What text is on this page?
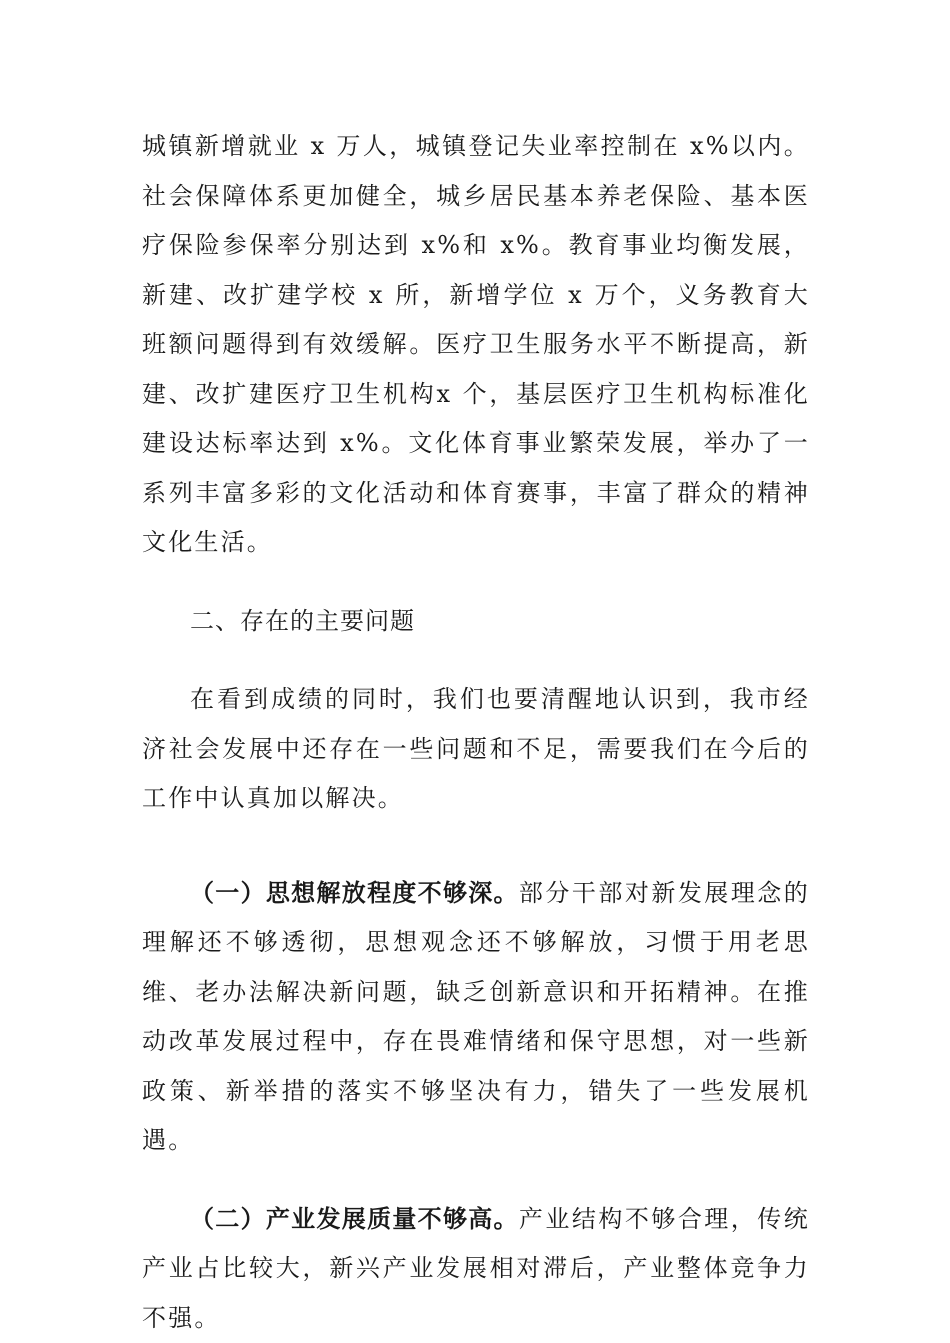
城镇新增就业 x 万人，城镇登记失业率控制在 x%以内。社会保障体系更加健全，城乡居民基本养老保险、基本医疗保险参保率分别达到 x%和 x%。教育事业均衡发展，新建、改扩建学校 x 所，新增学位 x 万个，义务教育大班额问题得到有效缓解。医疗卫生服务水平不断提高，新建、改扩建医疗卫生机构x 个，基层医疗卫生机构标准化建设达标率达到 x%。文化体育事业繁荣发展，举办了一系列丰富多彩的文化活动和体育赛事，丰富了群众的精神文化生活。

二、存在的主要问题

在看到成绩的同时，我们也要清醒地认识到，我市经济社会发展中还存在一些问题和不足，需要我们在今后的工作中认真加以解决。

（一）思想解放程度不够深。部分干部对新发展理念的理解还不够透彻，思想观念还不够解放，习惯于用老思维、老办法解决新问题，缺乏创新意识和开拓精神。在推动改革发展过程中，存在畏难情绪和保守思想，对一些新政策、新举措的落实不够坚决有力，错失了一些发展机遇。

（二）产业发展质量不够高。产业结构不够合理，传统产业占比较大，新兴产业发展相对滞后，产业整体竞争力不强。
